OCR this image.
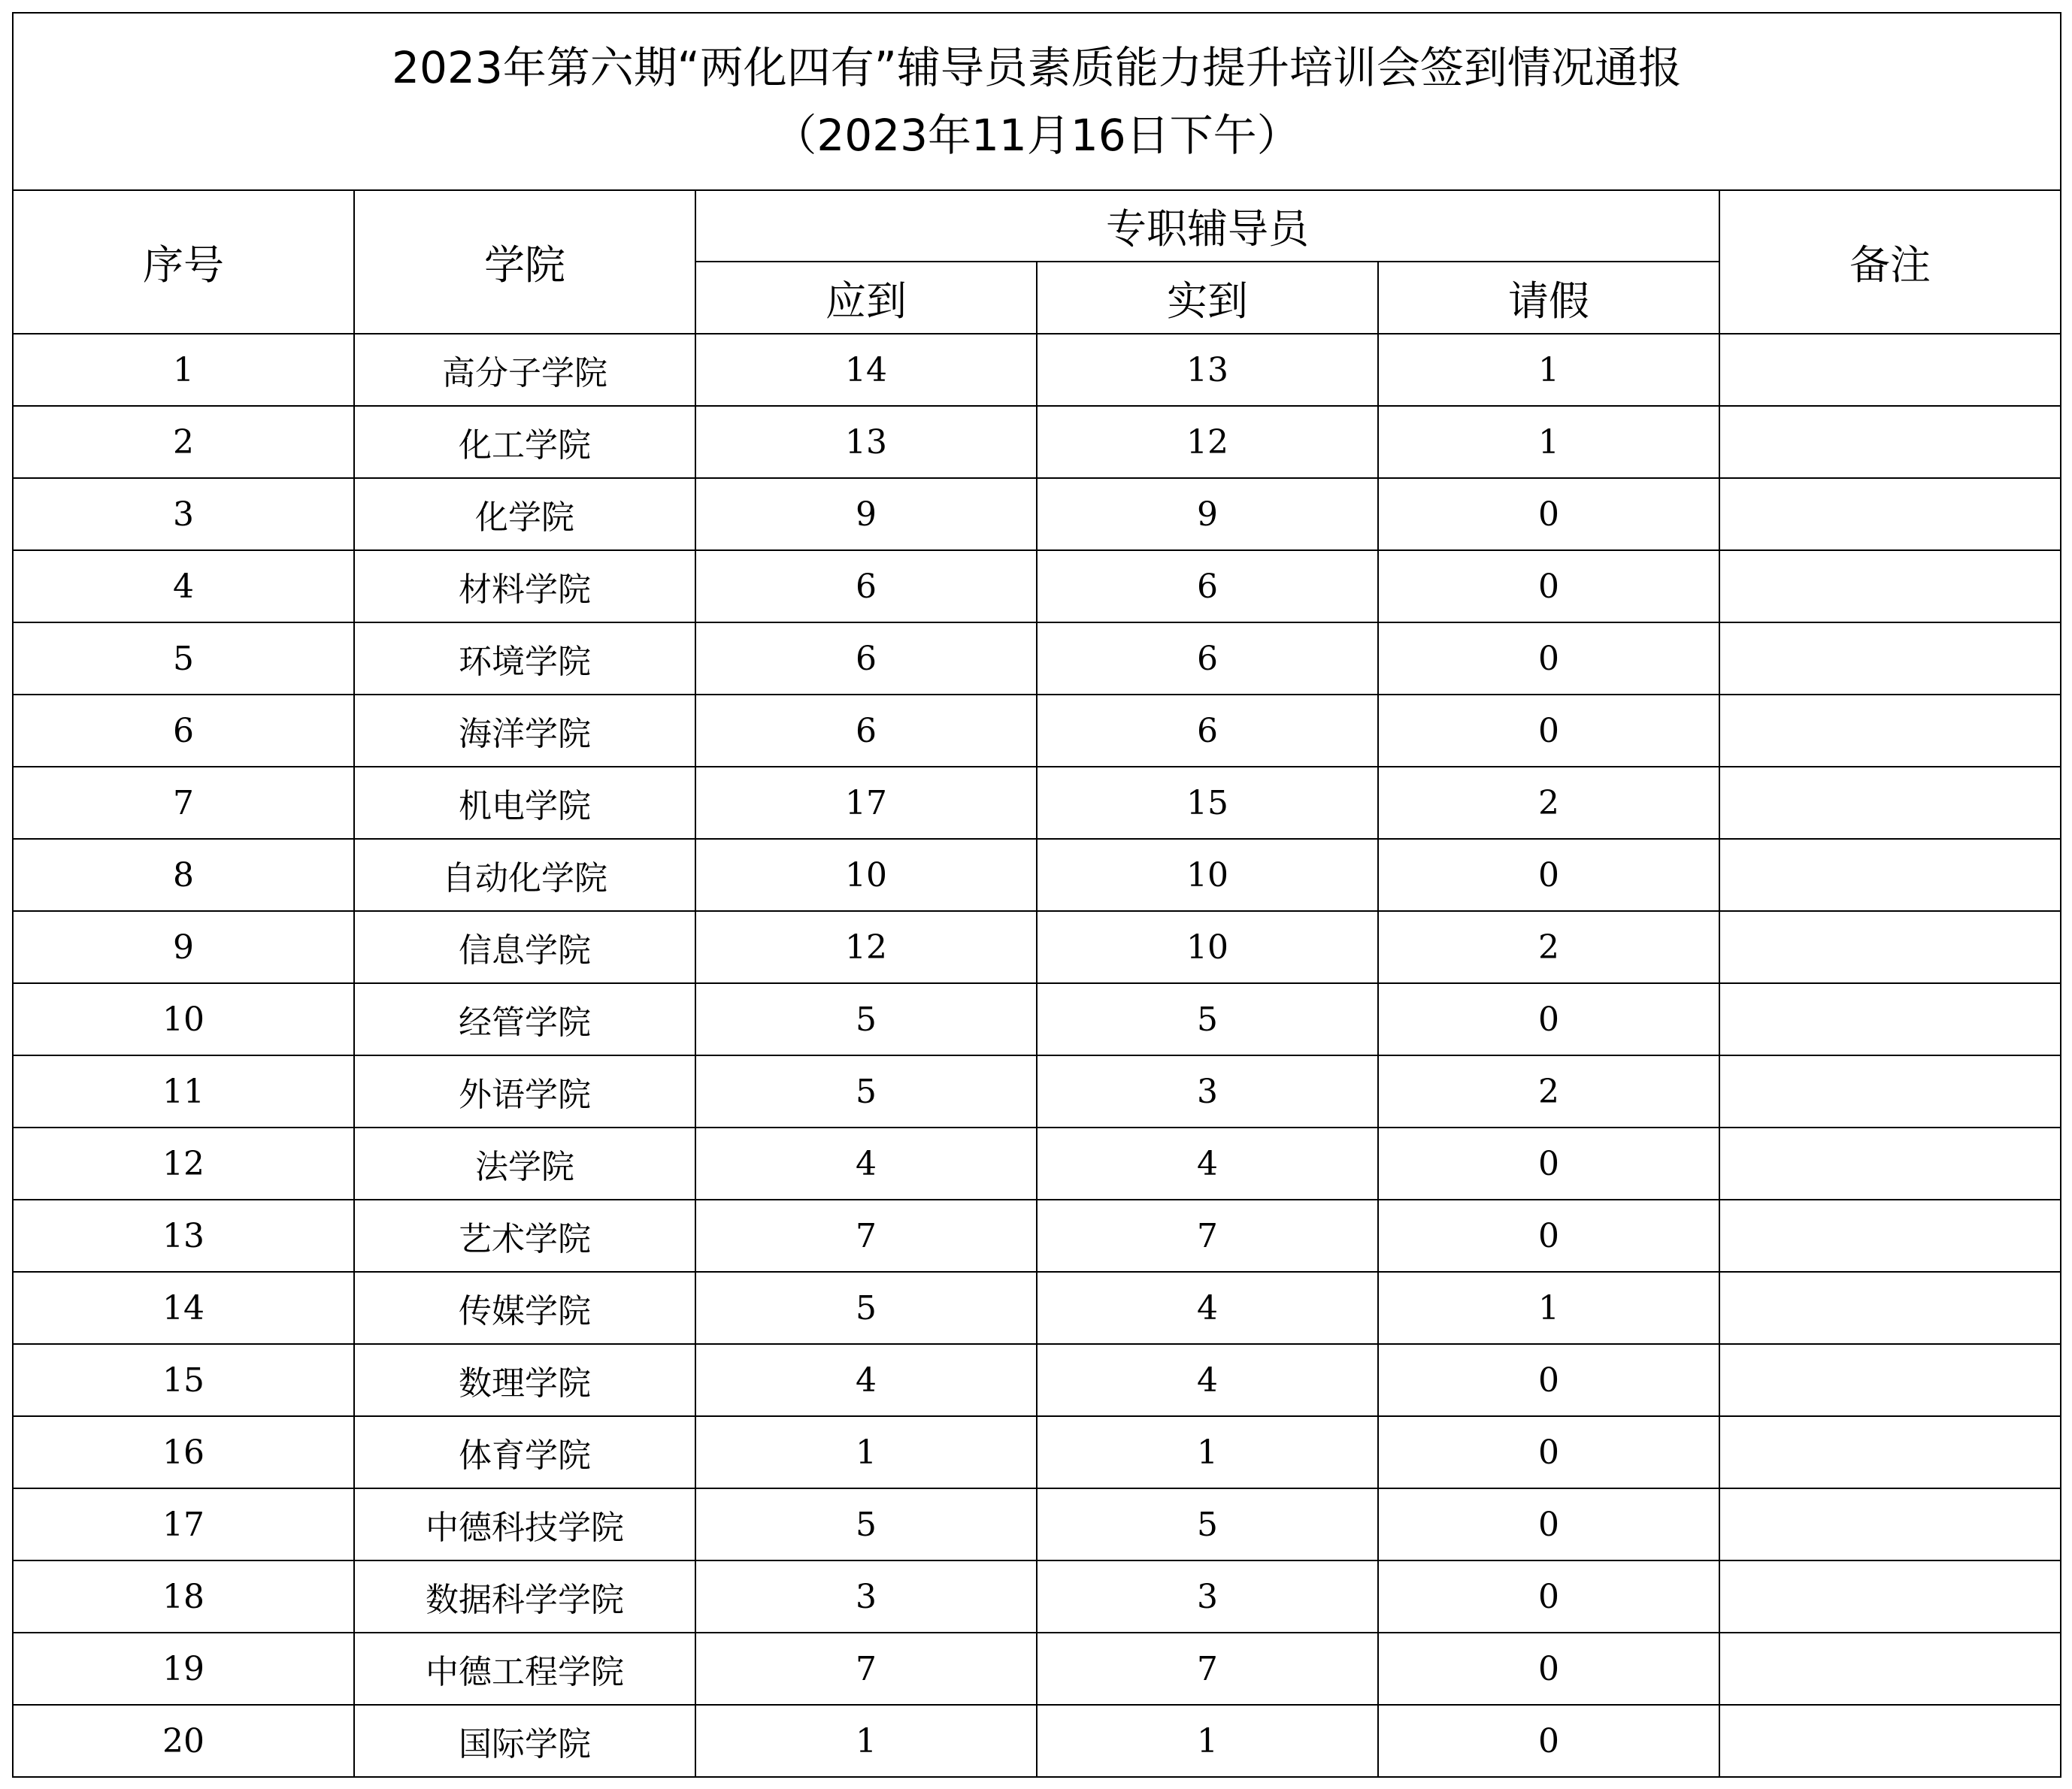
2023年第六期“两化四有”辅导员素质能力提升培训会签到情况通报
（2023年11月16日下午）					

序号	学院	专职辅导员			备注
		应到	实到	请假	
1	高分子学院	14	13	1	
2	化工学院	13	12	1	
3	化学院	9	9	0	
4	材料学院	6	6	0	
5	环境学院	6	6	0	
6	海洋学院	6	6	0	
7	机电学院	17	15	2	
8	自动化学院	10	10	0	
9	信息学院	12	10	2	
10	经管学院	5	5	0	
11	外语学院	5	3	2	
12	法学院	4	4	0	
13	艺术学院	7	7	0	
14	传媒学院	5	4	1	
15	数理学院	4	4	0	
16	体育学院	1	1	0	
17	中德科技学院	5	5	0	
18	数据科学学院	3	3	0	
19	中德工程学院	7	7	0	
20	国际学院	1	1	0	
